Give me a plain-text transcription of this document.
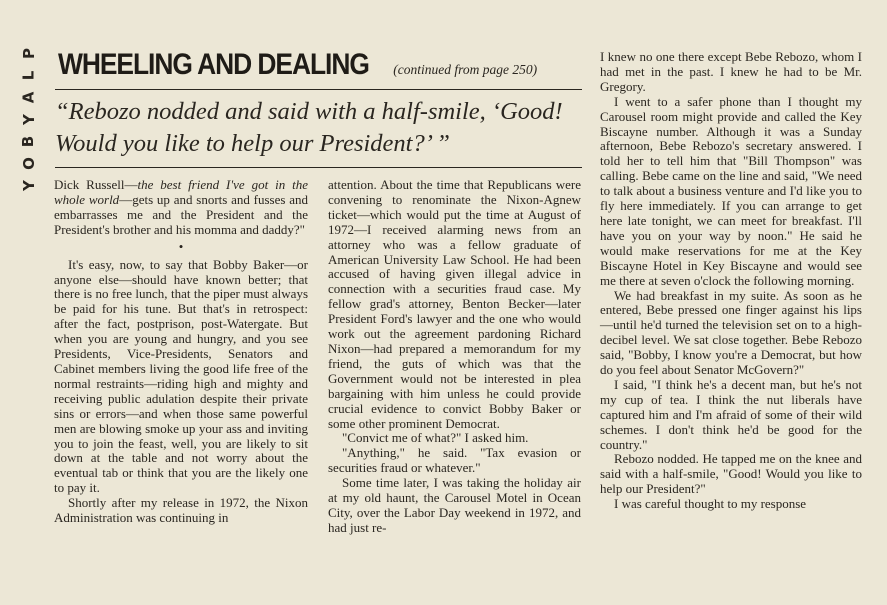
P
L
A
Y
B
O
Y
WHEELING AND DEALING (continued from page 250)

“Rebozo nodded and said with a half-smile, ‘Good! Would you like to help our President?’ ”

Dick Russell—the best friend I've got in the whole world—gets up and snorts and fusses and embarrasses me and the President and the President's brother and his momma and daddy?"

•

It's easy, now, to say that Bobby Baker—or anyone else—should have known better; that there is no free lunch, that the piper must always be paid for his tune. But that's in retrospect: after the fact, postprison, post-Watergate. But when you are young and hungry, and you see Presidents, Vice-Presidents, Senators and Cabinet members living the good life free of the normal restraints—riding high and mighty and receiving public adulation despite their private sins or errors—and when those same powerful men are blowing smoke up your ass and inviting you to join the feast, well, you are likely to sit down at the table and not worry about the eventual tab or think that you are the likely one to pay it.

Shortly after my release in 1972, the Nixon Administration was continuing in

attention. About the time that Republicans were convening to renominate the Nixon-Agnew ticket—which would put the time at August of 1972—I received alarming news from an attorney who was a fellow graduate of American University Law School. He had been accused of having given illegal advice in connection with a securities fraud case. My fellow grad's attorney, Benton Becker—later President Ford's lawyer and the one who would work out the agreement pardoning Richard Nixon—had prepared a memorandum for my friend, the guts of which was that the Government would not be interested in plea bargaining with him unless he could provide crucial evidence to convict Bobby Baker or some other prominent Democrat.

"Convict me of what?" I asked him.

"Anything," he said. "Tax evasion or securities fraud or whatever."

Some time later, I was taking the holiday air at my old haunt, the Carousel Motel in Ocean City, over the Labor Day weekend in 1972, and had just re-

I knew no one there except Bebe Rebozo, whom I had met in the past. I knew he had to be Mr. Gregory.

I went to a safer phone than I thought my Carousel room might provide and called the Key Biscayne number. Although it was a Sunday afternoon, Bebe Rebozo's secretary answered. I told her to tell him that "Bill Thompson" was calling. Bebe came on the line and said, "We need to talk about a business venture and I'd like you to fly here immediately. If you can arrange to get here late tonight, we can meet for breakfast. I'll have you on your way by noon." He said he would make reservations for me at the Key Biscayne Hotel in Key Biscayne and would see me there at seven o'clock the following morning.

We had breakfast in my suite. As soon as he entered, Bebe pressed one finger against his lips—until he'd turned the television set on to a high-decibel level. We sat close together. Bebe Rebozo said, "Bobby, I know you're a Democrat, but how do you feel about Senator McGovern?"

I said, "I think he's a decent man, but he's not my cup of tea. I think the nut liberals have captured him and I'm afraid of some of their wild schemes. I don't think he'd be good for the country."

Rebozo nodded. He tapped me on the knee and said with a half-smile, "Good! Would you like to help our President?"

I was careful thought to my response
